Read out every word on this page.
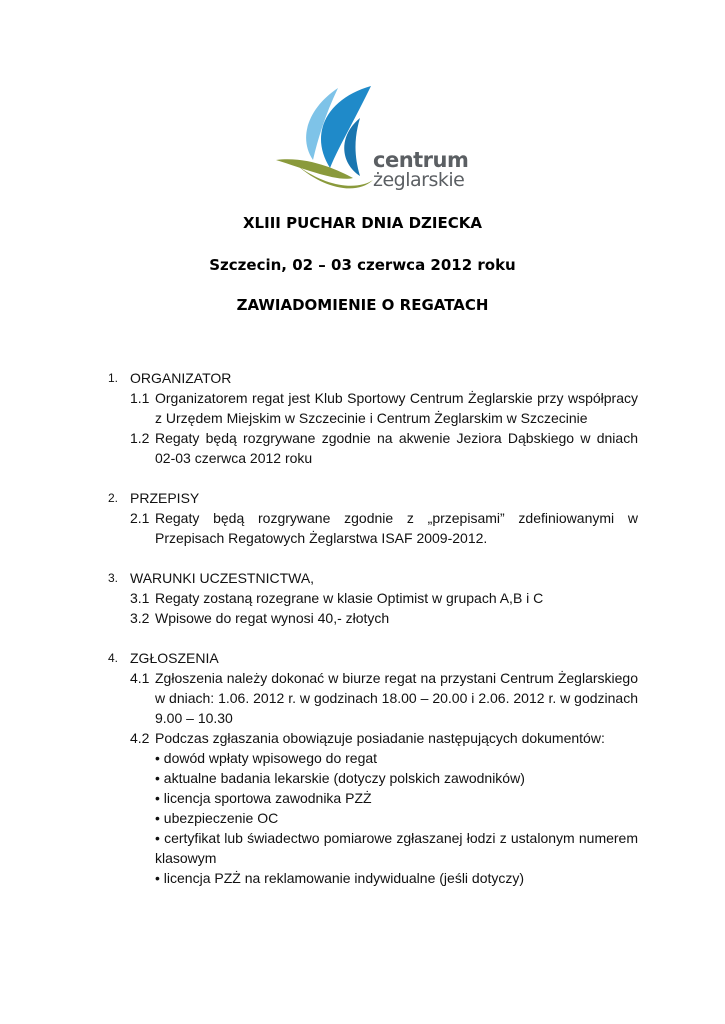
centrum
żeglarskie
XLIII PUCHAR DNIA DZIECKA
Szczecin, 02 – 03 czerwca 2012 roku
ZAWIADOMIENIE O REGATACH
1. ORGANIZATOR
1.1 Organizatorem regat jest Klub Sportowy Centrum Żeglarskie przy współpracy z Urzędem Miejskim w Szczecinie i Centrum Żeglarskim w Szczecinie
1.2 Regaty będą rozgrywane zgodnie na akwenie Jeziora Dąbskiego w dniach 02-03 czerwca 2012 roku
2. PRZEPISY
2.1 Regaty będą rozgrywane zgodnie z „przepisami” zdefiniowanymi w Przepisach Regatowych Żeglarstwa ISAF 2009-2012.
3. WARUNKI UCZESTNICTWA,
3.1 Regaty zostaną rozegrane w klasie Optimist w grupach A,B i C
3.2 Wpisowe do regat wynosi 40,- złotych
4. ZGŁOSZENIA
4.1 Zgłoszenia należy dokonać w biurze regat na przystani Centrum Żeglarskiego w dniach: 1.06. 2012 r. w godzinach 18.00 – 20.00 i 2.06. 2012 r. w godzinach 9.00 – 10.30
4.2 Podczas zgłaszania obowiązuje posiadanie następujących dokumentów:
• dowód wpłaty wpisowego do regat
• aktualne badania lekarskie (dotyczy polskich zawodników)
• licencja sportowa zawodnika PZŻ
• ubezpieczenie OC
• certyfikat lub świadectwo pomiarowe zgłaszanej łodzi z ustalonym numerem klasowym
• licencja PZŻ na reklamowanie indywidualne (jeśli dotyczy)
